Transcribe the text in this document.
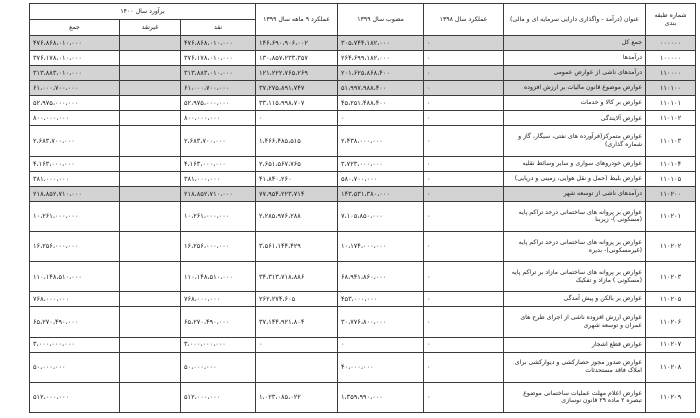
شماره طبقه بندی	عنوان (درآمد - واگذاری دارایی سرمایه ای و مالی)	عملکرد سال ۱۳۹۸	مصوب سال ۱۳۹۹	عملکرد ۹ ماهه سال ۱۳۹۹	برآورد سال ۱۴۰۰		
					نقد	غیرنقد	جمع
۰۰۰۰۰۰	جمع کل	۰	۳۰۵،۷۴۴،۱۸۲،۰۰۰	۱۴۶،۶۹۰،۹۰۶،۰۰۲	۴۷۶،۸۶۸،۰۱۰،۰۰۰		۴۷۶،۸۶۸،۰۱۰،۰۰۰
۱۰۰۰۰۰	درآمدها	۰	۲۶۴،۶۹۹،۱۸۲،۰۰۰	۱۳۰،۸۵۷،۲۳۳،۳۵۷	۳۷۶،۱۷۸،۰۱۰،۰۰۰		۳۷۶،۱۷۸،۰۱۰،۰۰۰
۱۱۰۰۰۰	درآمدهای ناشی از عوارض عمومی	۰	۲۰۱،۶۲۵،۸۶۸،۴۰۰	۱۲۱،۲۲۲،۷۶۵،۲۶۹	۳۱۳،۸۸۳،۰۱۰،۰۰۰		۳۱۳،۸۸۳،۰۱۰،۰۰۰
۱۱۰۱۰۰	عوارض موضوع قانون مالیات بر ارزش افزوده	۰	۵۱،۹۹۷،۹۸۸،۴۰۰	۳۷،۲۷۵،۸۹۱،۷۴۷	۶۱،۰۰۰،۷۰۰،۰۰۰		۶۱،۰۰۰،۷۰۰،۰۰۰
۱۱۰۱۰۱	عوارض بر کالا و خدمات	۰	۴۵،۲۵۱،۴۸۸،۴۰۰	۳۳،۱۱۵،۹۹۸،۷۰۷	۵۲،۹۷۵،۰۰۰،۰۰۰		۵۲،۹۷۵،۰۰۰،۰۰۰
۱۱۰۱۰۲	عوارض آلایندگی	۰	۰	۰	۸۰۰،۰۰۰،۰۰۰		۸۰۰،۰۰۰،۰۰۰
۱۱۰۱۰۳	عوارض متمرکز(فرآورده های نفتی، سیگار، گاز و شماره گذاری)	۰	۲،۴۳۸،۰۰۰،۰۰۰	۱،۴۶۶،۴۸۵،۵۱۵	۲،۶۸۳،۷۰۰،۰۰۰		۲،۶۸۳،۷۰۰،۰۰۰
۱۱۰۱۰۴	عوارض خودروهای سواری و سایر وسائط نقلیه	۰	۳،۷۲۳،۰۰۰،۰۰۰	۲،۶۵۱،۵۶۷،۷۶۵	۴،۱۶۳،۰۰۰،۰۰۰		۴،۱۶۳،۰۰۰،۰۰۰
۱۱۰۱۰۵	عوارض بلیط (حمل و نقل هوایی، زمینی و دریایی)	۰	۵۸۰،۷۰۰،۰۰۰	۴۱،۸۴۰،۲۶۰	۳۸۱،۰۰۰،۰۰۰		۳۸۱،۰۰۰،۰۰۰
۱۱۰۲۰۰	درآمدهای ناشی از توسعه شهر	۰	۱۴۳،۵۳۱،۳۸۰،۰۰۰	۷۷،۹۵۴،۲۲۳،۷۱۴	۲۱۸،۸۵۲،۷۱۰،۰۰۰		۲۱۸،۸۵۲،۷۱۰،۰۰۰
۱۱۰۲۰۱	عوارض بر پروانه های ساختمانی درحد تراکم پایه (مسکونی )- زیربنا	۰	۷،۱۰۵،۸۵۰،۰۰۰	۲،۲۸۵،۹۷۶،۲۸۸	۱۰،۲۶۱،۰۰۰،۰۰۰		۱۰،۲۶۱،۰۰۰،۰۰۰
۱۱۰۲۰۲	عوارض بر پروانه های ساختمانی درحد تراکم پایه (غیرمسکونی)- بدیره	۰	۱۰،۱۷۴،۰۰۰،۰۰۰	۳،۵۶۱،۱۴۴،۴۲۹	۱۶،۲۵۶،۰۰۰،۰۰۰		۱۶،۲۵۶،۰۰۰،۰۰۰
۱۱۰۲۰۳	عوارض بر پروانه های ساختمانی مازاد بر تراکم پایه (مسکونی ) مازاد و تفکیک	۰	۶۸،۹۴۱،۸۶۰،۰۰۰	۳۴،۳۱۳،۷۱۸،۸۸۶	۱۱۰،۱۴۸،۵۱۰،۰۰۰		۱۱۰،۱۴۸،۵۱۰،۰۰۰
۱۱۰۲۰۵	عوارض بر بالکن و پیش آمدگی	۰	۴۵۳،۰۰۰،۰۰۰	۲۶۲،۲۷۴،۶۰۵	۷۶۸،۰۰۰،۰۰۰		۷۶۸،۰۰۰،۰۰۰
۱۱۰۲۰۶	عوارض ارزش افزوده ناشی از اجرای طرح های عمران و توسعه شهری	۰	۳۰،۷۷۶،۸۰۰،۰۰۰	۳۷،۱۴۴،۹۲۱،۸۰۴	۶۵،۲۷۰،۴۹۰،۰۰۰		۶۵،۲۷۰،۴۹۰،۰۰۰
۱۱۰۲۰۷	عوارض قطع اشجار	۰	۰	۰	۳،۰۰۰،۰۰۰،۰۰۰		۳،۰۰۰،۰۰۰،۰۰۰
۱۱۰۲۰۸	عوارض صدور مجوز حصارکشی و دیوارکشی برای املاک فاقد مستحدثات	۰	۴۰،۰۰۰،۰۰۰		۵۰،۰۰۰،۰۰۰		۵۰،۰۰۰،۰۰۰
۱۱۰۲۰۹	عوارض اعلام مهلت عملیات ساختمانی موضوع تبصره ۲ ماده ۲۹ قانون نوسازی	۰	۱،۳۵۹،۹۹۰،۰۰۰	۱،۰۲۳،۰۸۵،۰۲۲	۵۱۲،۰۰۰،۰۰۰		۵۱۲،۰۰۰،۰۰۰
